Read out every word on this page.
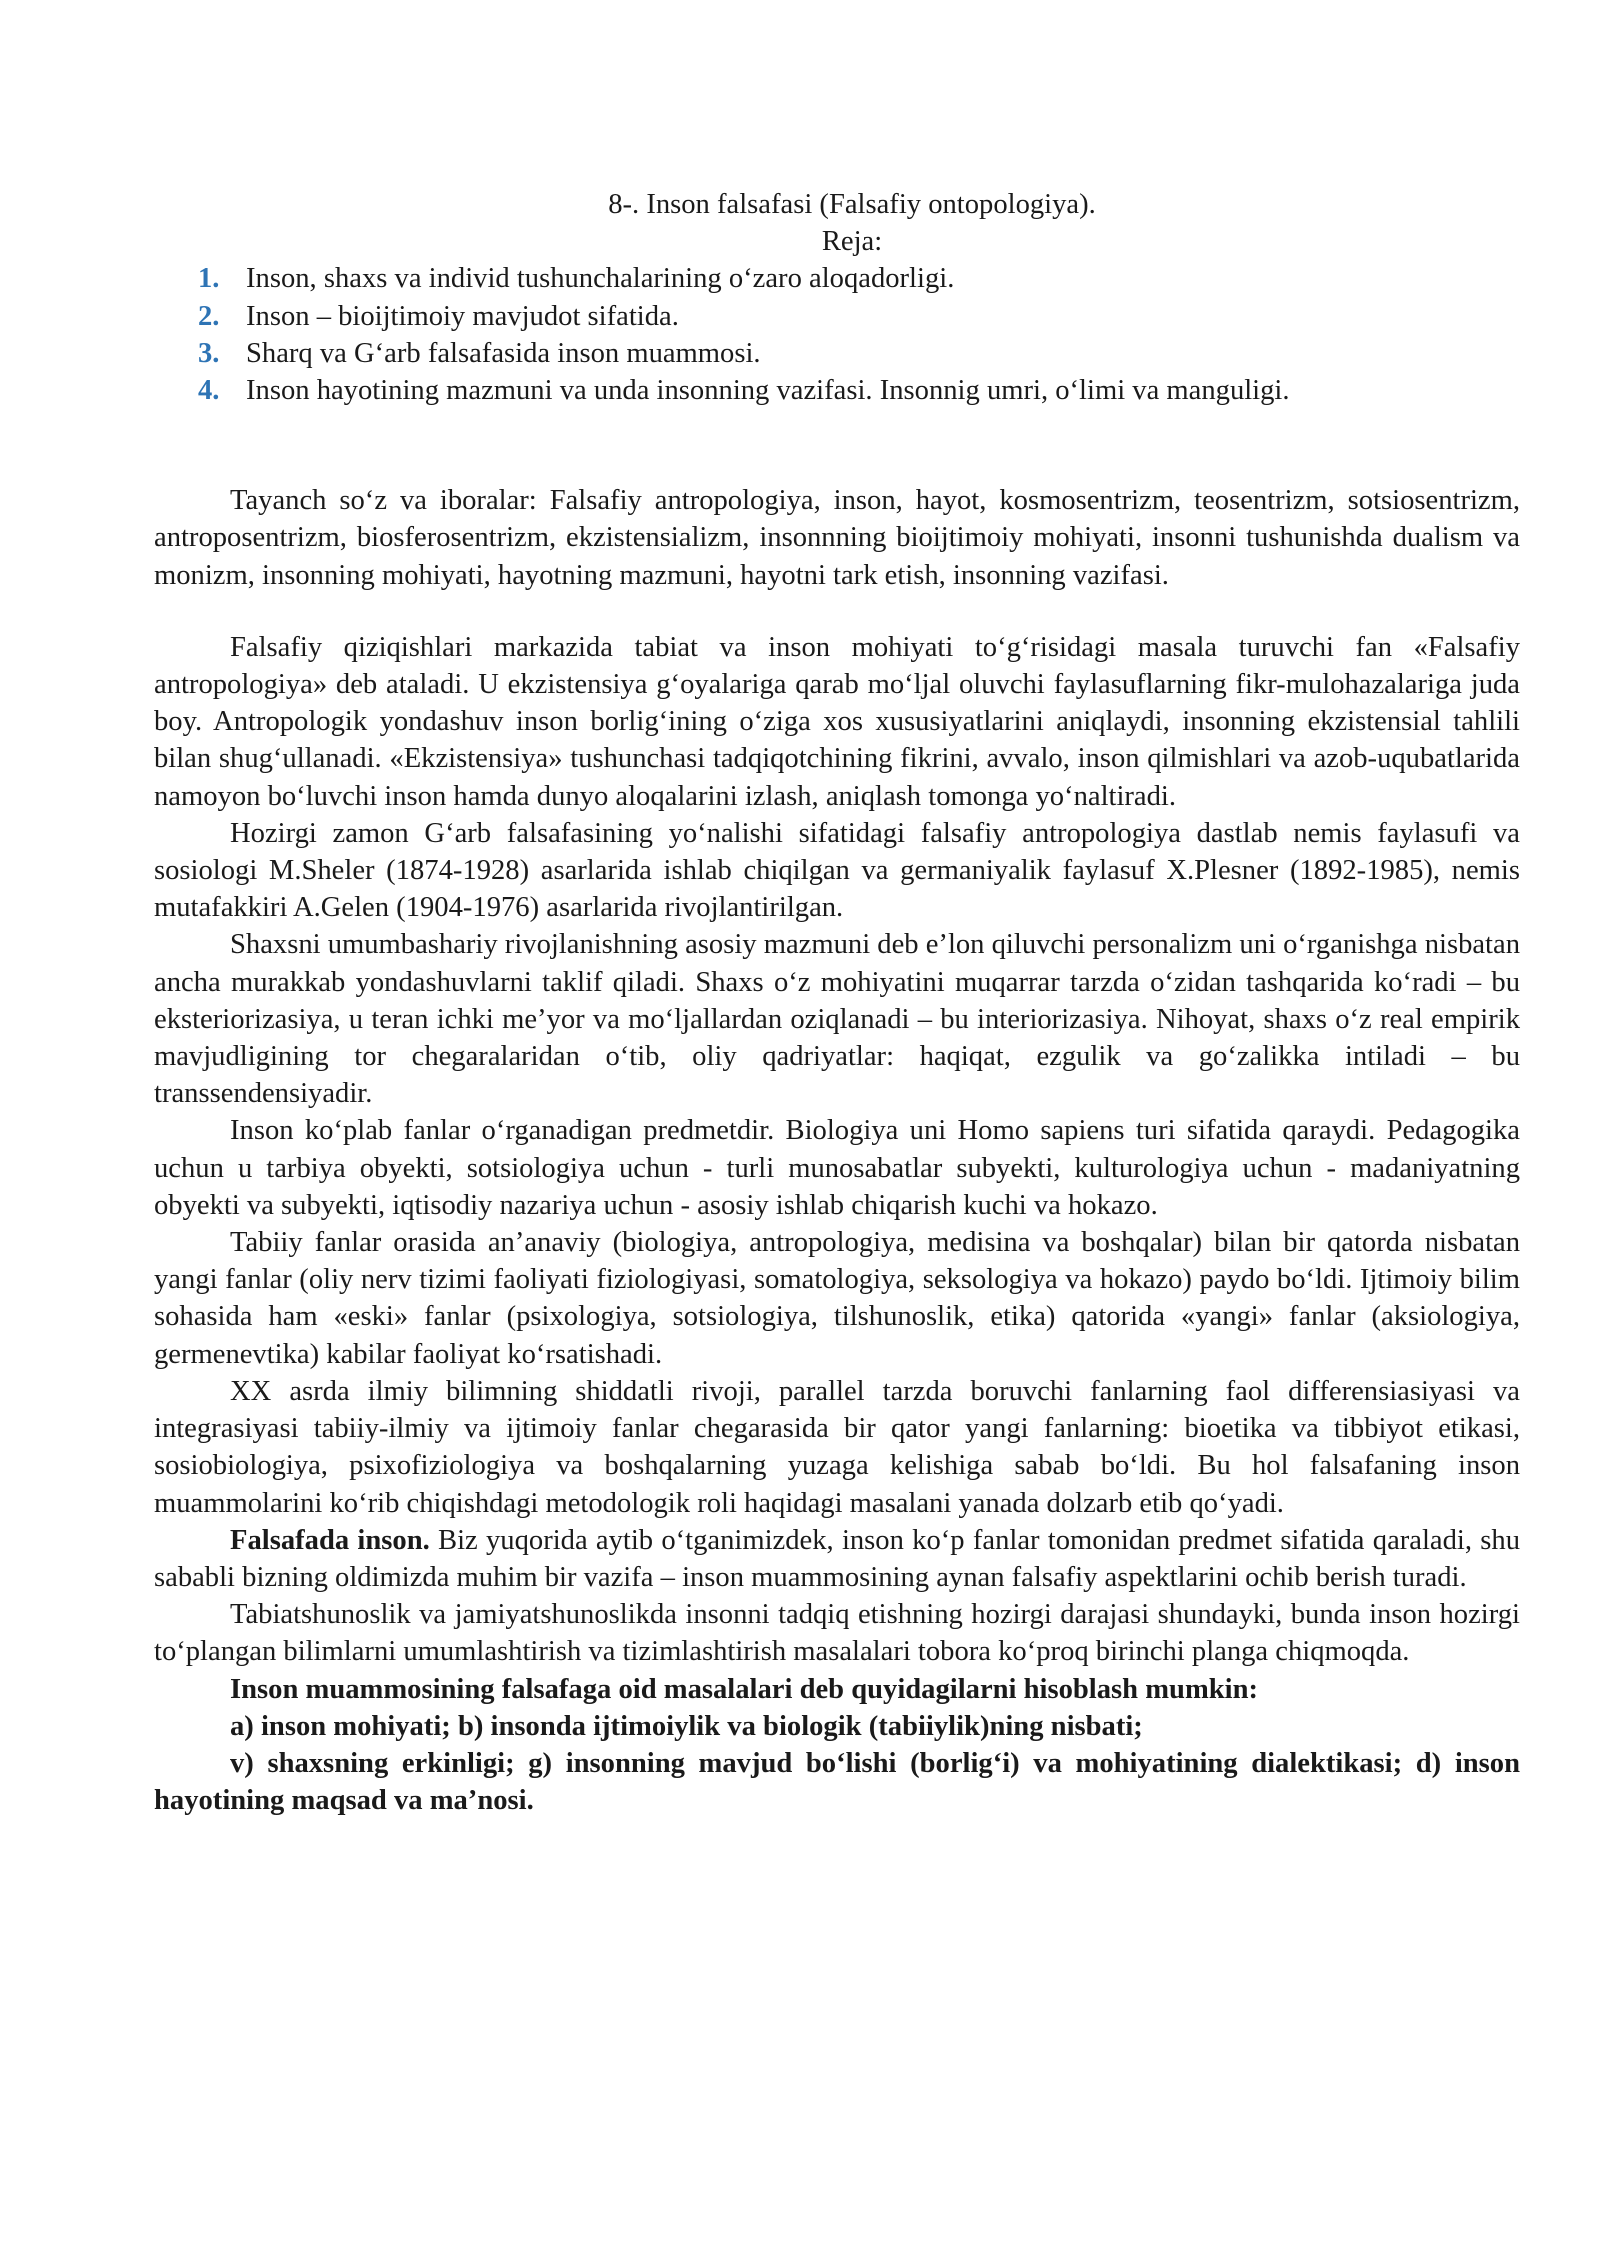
8-. Inson falsafasi (Falsafiy ontopologiya).

Reja:

1. Inson, shaxs va individ tushunchalarining o‘zaro aloqadorligi.
2. Inson – bioijtimoiy mavjudot sifatida.
3. Sharq va G‘arb falsafasida inson muammosi.
4. Inson hayotining mazmuni va unda insonning vazifasi. Insonnig umri, o‘limi va manguligi.

Tayanch so‘z va iboralar: Falsafiy antropologiya, inson, hayot, kosmosentrizm, teosentrizm, sotsiosentrizm, antroposentrizm, biosferosentrizm, ekzistensializm, insonnning bioijtimoiy mohiyati, insonni tushunishda dualism va monizm, insonning mohiyati, hayotning mazmuni, hayotni tark etish, insonning vazifasi.

Falsafiy qiziqishlari markazida tabiat va inson mohiyati to‘g‘risidagi masala turuvchi fan «Falsafiy antropologiya» deb ataladi. U ekzistensiya g‘oyalariga qarab mo‘ljal oluvchi faylasuflarning fikr-mulohazalariga juda boy. Antropologik yondashuv inson borlig‘ining o‘ziga xos xususiyatlarini aniqlaydi, insonning ekzistensial tahlili bilan shug‘ullanadi. «Ekzistensiya» tushunchasi tadqiqotchining fikrini, avvalo, inson qilmishlari va azob-uqubatlarida namoyon bo‘luvchi inson hamda dunyo aloqalarini izlash, aniqlash tomonga yo‘naltiradi.

Hozirgi zamon G‘arb falsafasining yo‘nalishi sifatidagi falsafiy antropologiya dastlab nemis faylasufi va sosiologi M.Sheler (1874-1928) asarlarida ishlab chiqilgan va germaniyalik faylasuf X.Plesner (1892-1985), nemis mutafakkiri A.Gelen (1904-1976) asarlarida rivojlantirilgan.

Shaxsni umumbashariy rivojlanishning asosiy mazmuni deb e’lon qiluvchi personalizm uni o‘rganishga nisbatan ancha murakkab yondashuvlarni taklif qiladi. Shaxs o‘z mohiyatini muqarrar tarzda o‘zidan tashqarida ko‘radi – bu eksteriorizasiya, u teran ichki me’yor va mo‘ljallardan oziqlanadi – bu interiorizasiya. Nihoyat, shaxs o‘z real empirik mavjudligining tor chegaralaridan o‘tib, oliy qadriyatlar: haqiqat, ezgulik va go‘zalikka intiladi – bu transsendensiyadir.

Inson ko‘plab fanlar o‘rganadigan predmetdir. Biologiya uni Homo sapiens turi sifatida qaraydi. Pedagogika uchun u tarbiya obyekti, sotsiologiya uchun - turli munosabatlar subyekti, kulturologiya uchun - madaniyatning obyekti va subyekti, iqtisodiy nazariya uchun - asosiy ishlab chiqarish kuchi va hokazo.

Tabiiy fanlar orasida an’anaviy (biologiya, antropologiya, medisina va boshqalar) bilan bir qatorda nisbatan yangi fanlar (oliy nerv tizimi faoliyati fiziologiyasi, somatologiya, seksologiya va hokazo) paydo bo‘ldi. Ijtimoiy bilim sohasida ham «eski» fanlar (psixologiya, sotsiologiya, tilshunoslik, etika) qatorida «yangi» fanlar (aksiologiya, germenevtika) kabilar faoliyat ko‘rsatishadi.

XX asrda ilmiy bilimning shiddatli rivoji, parallel tarzda boruvchi fanlarning faol differensiasiyasi va integrasiyasi tabiiy-ilmiy va ijtimoiy fanlar chegarasida bir qator yangi fanlarning: bioetika va tibbiyot etikasi, sosiobiologiya, psixofiziologiya va boshqalarning yuzaga kelishiga sabab bo‘ldi. Bu hol falsafaning inson muammolarini ko‘rib chiqishdagi metodologik roli haqidagi masalani yanada dolzarb etib qo‘yadi.

Falsafada inson. Biz yuqorida aytib o‘tganimizdek, inson ko‘p fanlar tomonidan predmet sifatida qaraladi, shu sababli bizning oldimizda muhim bir vazifa – inson muammosining aynan falsafiy aspektlarini ochib berish turadi.

Tabiatshunoslik va jamiyatshunoslikda insonni tadqiq etishning hozirgi darajasi shundayki, bunda inson hozirgi to‘plangan bilimlarni umumlashtirish va tizimlashtirish masalalari tobora ko‘proq birinchi planga chiqmoqda.

Inson muammosining falsafaga oid masalalari deb quyidagilarni hisoblash mumkin:

a) inson mohiyati; b) insonda ijtimoiylik va biologik (tabiiylik)ning nisbati;

v) shaxsning erkinligi; g) insonning mavjud bo‘lishi (borlig‘i) va mohiyatining dialektikasi; d) inson hayotining maqsad va ma’nosi.
